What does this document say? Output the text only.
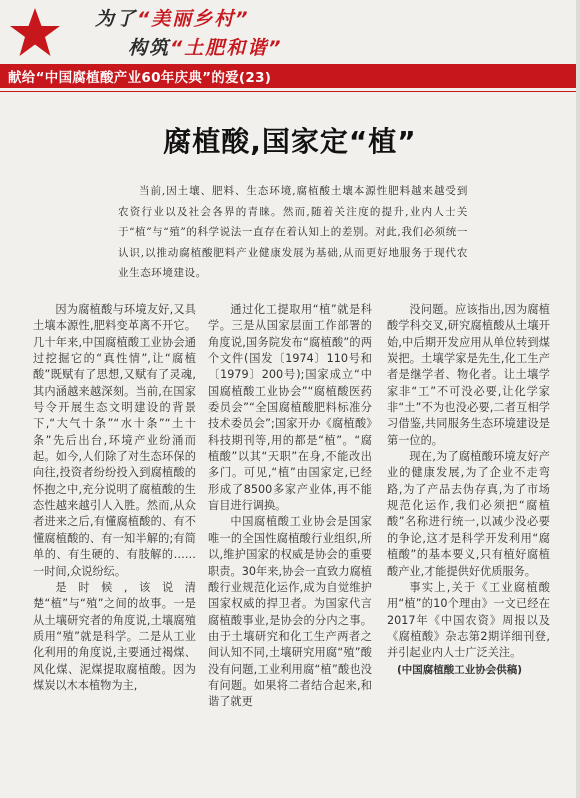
为了“美丽乡村”
构筑“土肥和谐”
献给“中国腐植酸产业60年庆典”的爱(23)
腐植酸,国家定“植”
当前,因土壤、肥料、生态环境,腐植酸土壤本源性肥料越来越受到农资行业以及社会各界的青睐。然而,随着关注度的提升,业内人士关于“植”与“殖”的科学说法一直存在着认知上的差别。对此,我们必须统一认识,以推动腐植酸肥料产业健康发展为基础,从而更好地服务于现代农业生态环境建设。

因为腐植酸与环境友好,又具土壤本源性,肥料变革离不开它。几十年来,中国腐植酸工业协会通过挖掘它的“真性情”,让“腐植酸”既赋有了思想,又赋有了灵魂,其内涵越来越深刻。当前,在国家号令开展生态文明建设的背景下,“大气十条”“水十条”“土十条”先后出台,环境产业纷涌而起。如今,人们除了对生态环保的向往,投资者纷纷投入到腐植酸的怀抱之中,充分说明了腐植酸的生态性越来越引人入胜。然而,从众者进来之后,有懂腐植酸的、有不懂腐植酸的、有一知半解的;有简单的、有生硬的、有肢解的……一时间,众说纷纭。

是时候,该说清楚“植”与“殖”之间的故事。一是从土壤研究者的角度说,土壤腐殖质用“殖”就是科学。二是从工业化利用的角度说,主要通过褐煤、风化煤、泥煤提取腐植酸。因为煤炭以木本植物为主,

通过化工提取用“植”就是科学。三是从国家层面工作部署的角度说,国务院发布“腐植酸”的两个文件(国发〔1974〕110号和〔1979〕200号);国家成立“中国腐植酸工业协会”“腐植酸医药委员会”“全国腐植酸肥料标准分技术委员会”;国家开办《腐植酸》科技期刊等,用的都是“植”。“腐植酸”以其“天职”在身,不能改出多门。可见,“植”由国家定,已经形成了8500多家产业体,再不能盲目进行调换。

中国腐植酸工业协会是国家唯一的全国性腐植酸行业组织,所以,维护国家的权威是协会的重要职责。30年来,协会一直致力腐植酸行业规范化运作,成为自觉维护国家权威的捍卫者。为国家代言腐植酸事业,是协会的分内之事。由于土壤研究和化工生产两者之间认知不同,土壤研究用腐“殖”酸没有问题,工业利用腐“植”酸也没有问题。如果将二者结合起来,和谐了就更

没问题。应该指出,因为腐植酸学科交叉,研究腐植酸从土壤开始,中后期开发应用从单位转到煤炭把。土壤学家是先生,化工生产者是继学者、物化者。让土壤学家非“工”不可没必要,让化学家非“土”不为也没必要,二者互相学习借鉴,共同服务生态环境建设是第一位的。

现在,为了腐植酸环境友好产业的健康发展,为了企业不走弯路,为了产品去伪存真,为了市场规范化运作,我们必须把“腐植酸”名称进行统一,以减少没必要的争论,这才是科学开发利用“腐植酸”的基本要义,只有植好腐植酸产业,才能提供好优质服务。

事实上,关于《工业腐植酸用“植”的10个理由》一文已经在2017年《中国农资》周报以及《腐植酸》杂志第2期详细刊登,并引起业内人士广泛关注。

(中国腐植酸工业协会供稿)
